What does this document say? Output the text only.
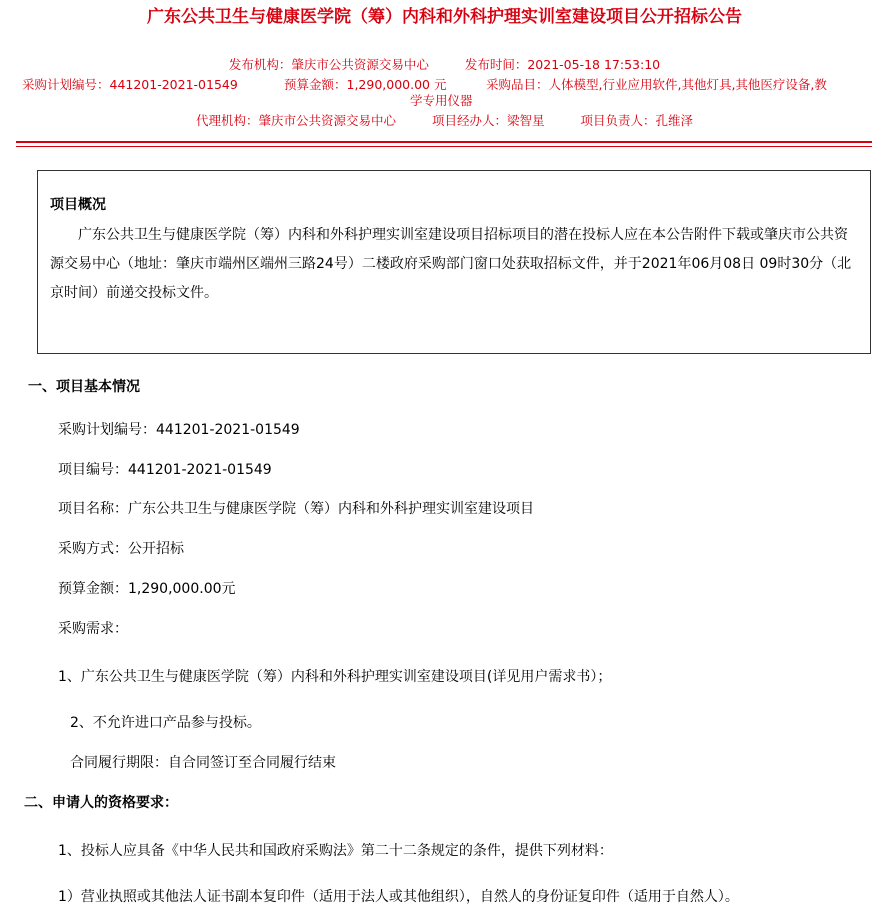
广东公共卫生与健康医学院（筹）内科和外科护理实训室建设项目公开招标公告
发布机构：肇庆市公共资源交易中心	发布时间：2021-05-18 17:53:10
采购计划编号：441201-2021-01549	预算金额：1,290,000.00 元	采购品目：人体模型,行业应用软件,其他灯具,其他医疗设备,教
学专用仪器
代理机构：肇庆市公共资源交易中心	项目经办人：梁智星	项目负责人：孔维泽
项目概况

广东公共卫生与健康医学院（筹）内科和外科护理实训室建设项目招标项目的潜在投标人应在本公告附件下载或肇庆市公共资源交易中心（地址：肇庆市端州区端州三路24号）二楼政府采购部门窗口处获取招标文件，并于2021年06月08日 09时30分（北京时间）前递交投标文件。

一、项目基本情况

采购计划编号：441201-2021-01549

项目编号：441201-2021-01549

项目名称：广东公共卫生与健康医学院（筹）内科和外科护理实训室建设项目

采购方式：公开招标

预算金额：1,290,000.00元

采购需求：

1、广东公共卫生与健康医学院（筹）内科和外科护理实训室建设项目(详见用户需求书）；

2、不允许进口产品参与投标。

合同履行期限：自合同签订至合同履行结束

二、申请人的资格要求：

1、投标人应具备《中华人民共和国政府采购法》第二十二条规定的条件，提供下列材料：

1）营业执照或其他法人证书副本复印件（适用于法人或其他组织），自然人的身份证复印件（适用于自然人）。
